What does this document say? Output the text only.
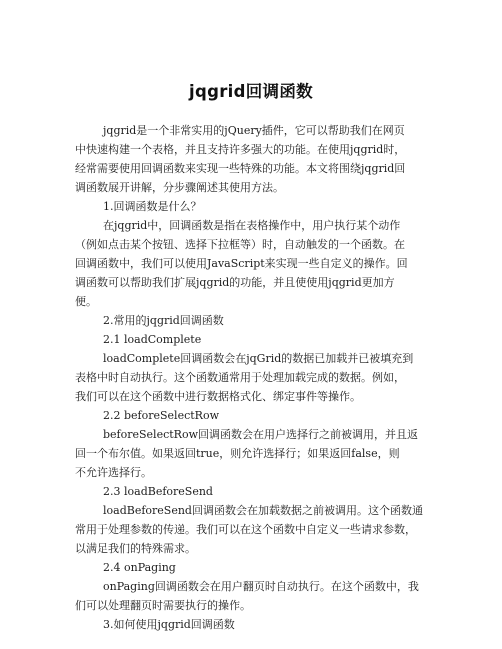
jqgrid回调函数
jqgrid是一个非常实用的jQuery插件，它可以帮助我们在网页
中快速构建一个表格，并且支持许多强大的功能。在使用jqgrid时，
经常需要使用回调函数来实现一些特殊的功能。本文将围绕jqgrid回
调函数展开讲解，分步骤阐述其使用方法。
1.回调函数是什么？
在jqgrid中，回调函数是指在表格操作中，用户执行某个动作
（例如点击某个按钮、选择下拉框等）时，自动触发的一个函数。在
回调函数中，我们可以使用JavaScript来实现一些自定义的操作。回
调函数可以帮助我们扩展jqgrid的功能，并且使使用jqgrid更加方
便。
2.常用的jqgrid回调函数
2.1 loadComplete
loadComplete回调函数会在jqGrid的数据已加载并已被填充到
表格中时自动执行。这个函数通常用于处理加载完成的数据。例如，
我们可以在这个函数中进行数据格式化、绑定事件等操作。
2.2 beforeSelectRow
beforeSelectRow回调函数会在用户选择行之前被调用，并且返
回一个布尔值。如果返回true，则允许选择行；如果返回false，则
不允许选择行。
2.3 loadBeforeSend
loadBeforeSend回调函数会在加载数据之前被调用。这个函数通
常用于处理参数的传递。我们可以在这个函数中自定义一些请求参数，
以满足我们的特殊需求。
2.4 onPaging
onPaging回调函数会在用户翻页时自动执行。在这个函数中，我
们可以处理翻页时需要执行的操作。
3.如何使用jqgrid回调函数
